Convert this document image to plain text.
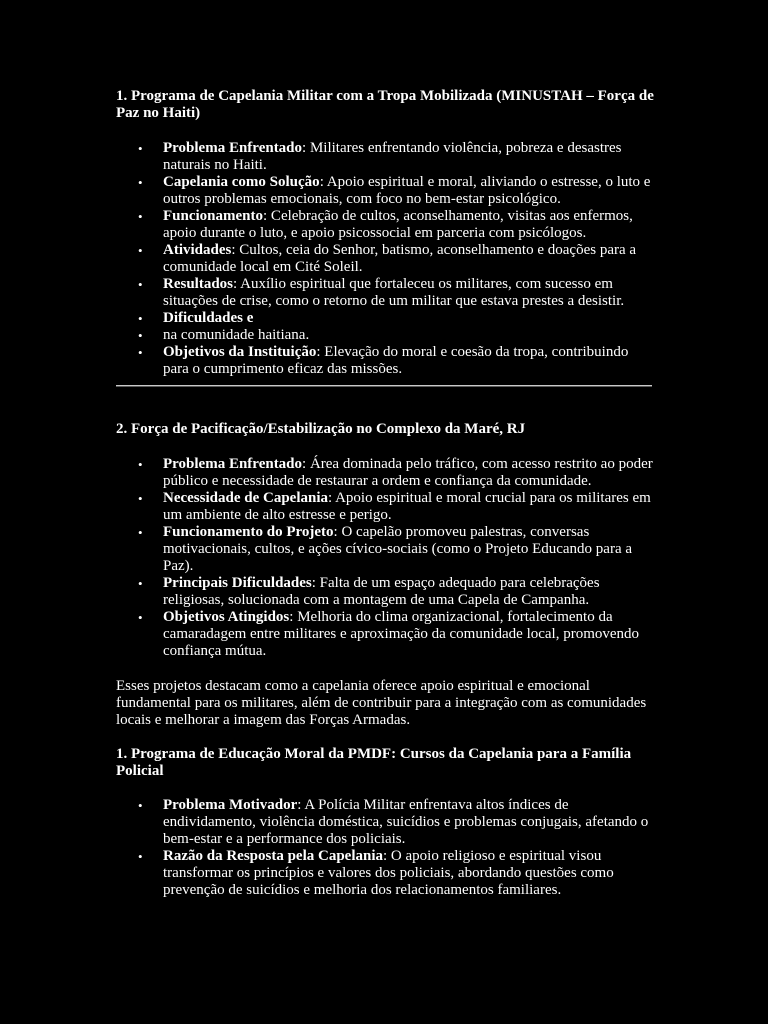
1. Programa de Capelania Militar com a Tropa Mobilizada (MINUSTAH – Força de Paz no Haiti)
• Problema Enfrentado: Militares enfrentando violência, pobreza e desastres naturais no Haiti.
• Capelania como Solução: Apoio espiritual e moral, aliviando o estresse, o luto e outros problemas emocionais, com foco no bem-estar psicológico.
• Funcionamento: Celebração de cultos, aconselhamento, visitas aos enfermos, apoio durante o luto, e apoio psicossocial em parceria com psicólogos.
• Atividades: Cultos, ceia do Senhor, batismo, aconselhamento e doações para a comunidade local em Cité Soleil.
• Resultados: Auxílio espiritual que fortaleceu os militares, com sucesso em situações de crise, como o retorno de um militar que estava prestes a desistir.
• Dificuldades e
• na comunidade haitiana.
• Objetivos da Instituição: Elevação do moral e coesão da tropa, contribuindo para o cumprimento eficaz das missões.
2. Força de Pacificação/Estabilização no Complexo da Maré, RJ
• Problema Enfrentado: Área dominada pelo tráfico, com acesso restrito ao poder público e necessidade de restaurar a ordem e confiança da comunidade.
• Necessidade de Capelania: Apoio espiritual e moral crucial para os militares em um ambiente de alto estresse e perigo.
• Funcionamento do Projeto: O capelão promoveu palestras, conversas motivacionais, cultos, e ações cívico-sociais (como o Projeto Educando para a Paz).
• Principais Dificuldades: Falta de um espaço adequado para celebrações religiosas, solucionada com a montagem de uma Capela de Campanha.
• Objetivos Atingidos: Melhoria do clima organizacional, fortalecimento da camaradagem entre militares e aproximação da comunidade local, promovendo confiança mútua.

Esses projetos destacam como a capelania oferece apoio espiritual e emocional fundamental para os militares, além de contribuir para a integração com as comunidades locais e melhorar a imagem das Forças Armadas.

1. Programa de Educação Moral da PMDF: Cursos da Capelania para a Família Policial
• Problema Motivador: A Polícia Militar enfrentava altos índices de endividamento, violência doméstica, suicídios e problemas conjugais, afetando o bem-estar e a performance dos policiais.
• Razão da Resposta pela Capelania: O apoio religioso e espiritual visou transformar os princípios e valores dos policiais, abordando questões como prevenção de suicídios e melhoria dos relacionamentos familiares.
